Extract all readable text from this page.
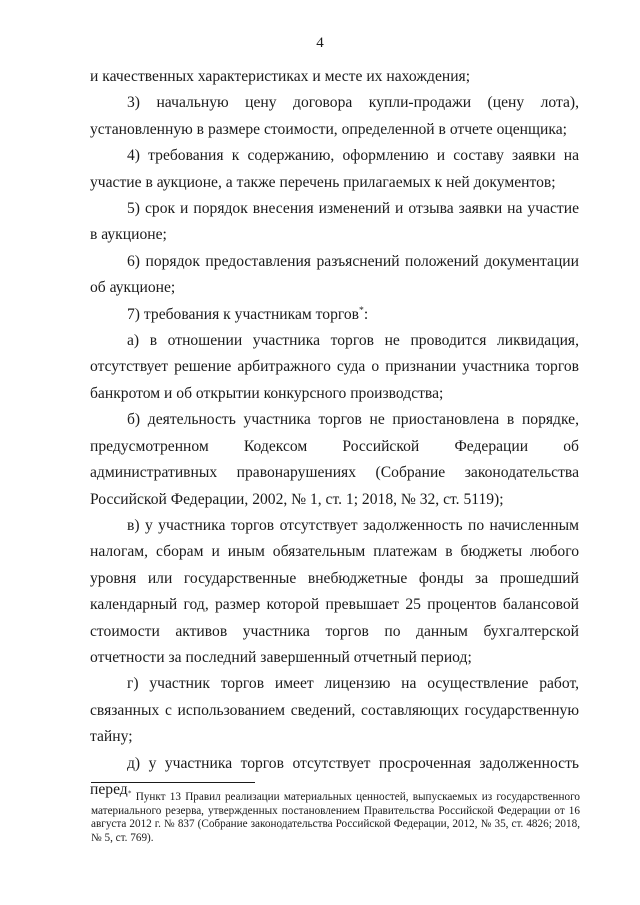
4

и качественных характеристиках и месте их нахождения;

3) начальную цену договора купли-продажи (цену лота), установленную в размере стоимости, определенной в отчете оценщика;

4) требования к содержанию, оформлению и составу заявки на участие в аукционе, а также перечень прилагаемых к ней документов;

5) срок и порядок внесения изменений и отзыва заявки на участие в аукционе;

6) порядок предоставления разъяснений положений документации об аукционе;

7) требования к участникам торгов*:

а) в отношении участника торгов не проводится ликвидация, отсутствует решение арбитражного суда о признании участника торгов банкротом и об открытии конкурсного производства;

б) деятельность участника торгов не приостановлена в порядке, предусмотренном Кодексом Российской Федерации об административных правонарушениях (Собрание законодательства Российской Федерации, 2002, № 1, ст. 1; 2018, № 32, ст. 5119);

в) у участника торгов отсутствует задолженность по начисленным налогам, сборам и иным обязательным платежам в бюджеты любого уровня или государственные внебюджетные фонды за прошедший календарный год, размер которой превышает 25 процентов балансовой стоимости активов участника торгов по данным бухгалтерской отчетности за последний завершенный отчетный период;

г) участник торгов имеет лицензию на осуществление работ, связанных с использованием сведений, составляющих государственную тайну;

д) у участника торгов отсутствует просроченная задолженность перед * Пункт 13 Правил реализации материальных ценностей, выпускаемых из государственного материального резерва, утвержденных постановлением Правительства Российской Федерации от 16 августа 2012 г. № 837 (Собрание законодательства Российской Федерации, 2012, № 35, ст. 4826; 2018, № 5, ст. 769).
